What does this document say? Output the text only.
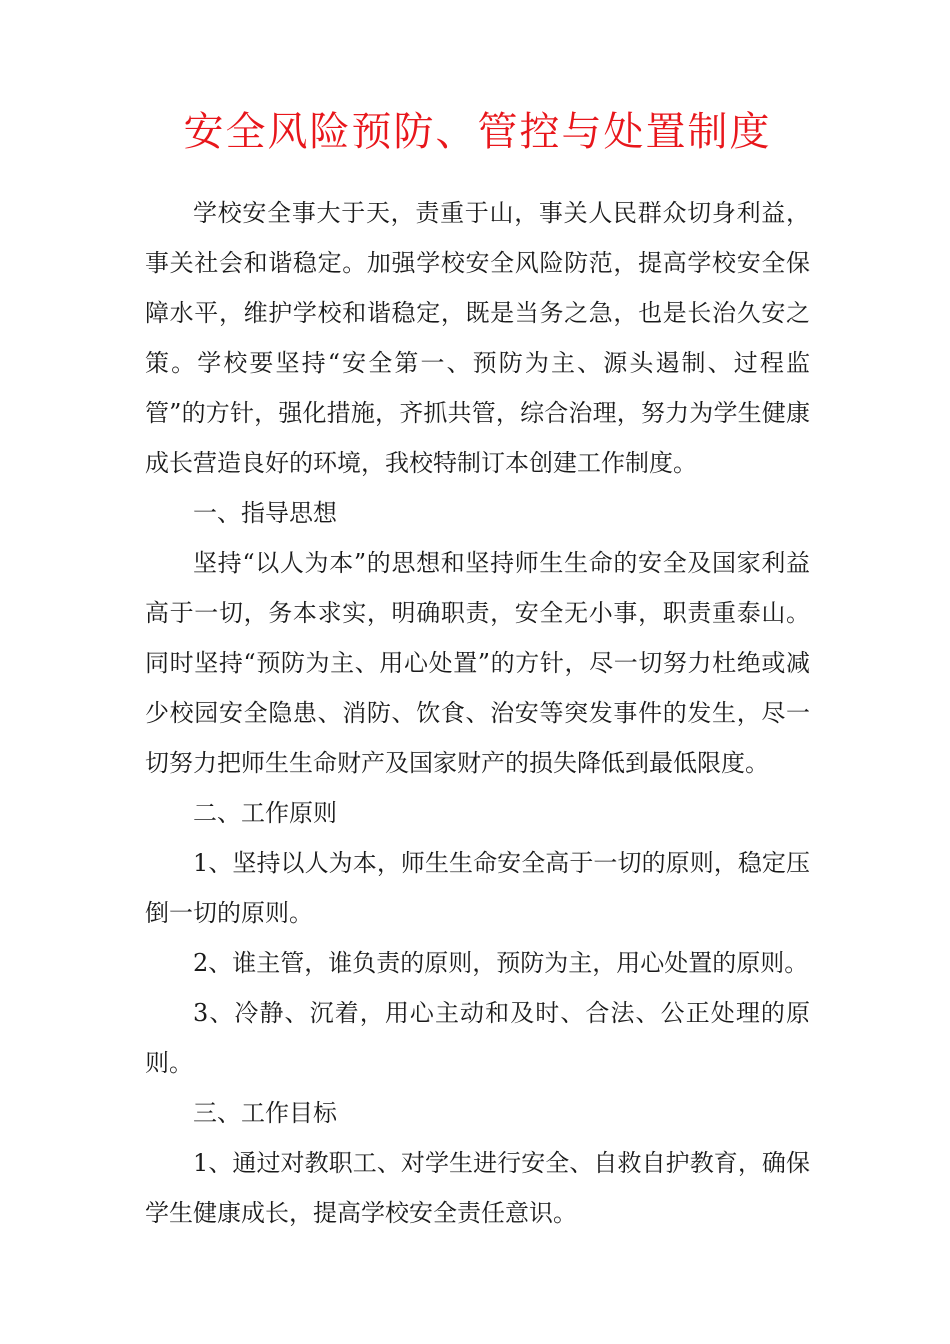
安全风险预防、管控与处置制度

学校安全事大于天，责重于山，事关人民群众切身利益，事关社会和谐稳定。加强学校安全风险防范，提高学校安全保障水平，维护学校和谐稳定，既是当务之急，也是长治久安之策。学校要坚持“安全第一、预防为主、源头遏制、过程监管”的方针，强化措施，齐抓共管，综合治理，努力为学生健康成长营造良好的环境，我校特制订本创建工作制度。

一、指导思想

坚持“以人为本”的思想和坚持师生生命的安全及国家利益高于一切，务本求实，明确职责，安全无小事，职责重泰山。同时坚持“预防为主、用心处置”的方针，尽一切努力杜绝或减少校园安全隐患、消防、饮食、治安等突发事件的发生，尽一切努力把师生生命财产及国家财产的损失降低到最低限度。

二、工作原则

1、坚持以人为本，师生生命安全高于一切的原则，稳定压倒一切的原则。

2、谁主管，谁负责的原则，预防为主，用心处置的原则。

3、冷静、沉着，用心主动和及时、合法、公正处理的原则。

三、工作目标

1、通过对教职工、对学生进行安全、自救自护教育，确保学生健康成长，提高学校安全责任意识。
